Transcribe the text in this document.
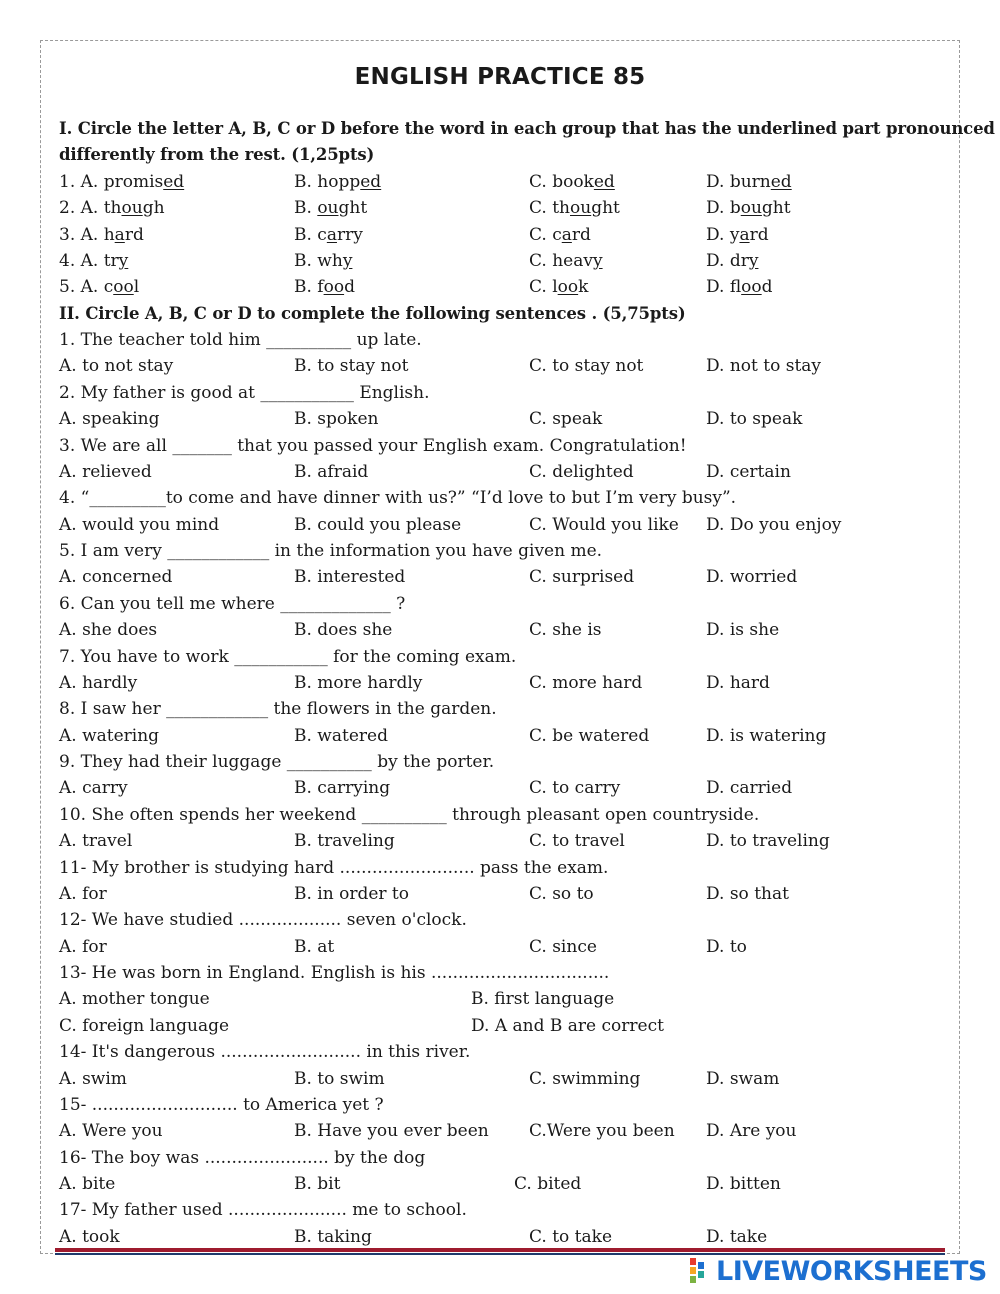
ENGLISH PRACTICE 85
I. Circle the letter A, B, C or D before the word in each group that has the underlined part pronounced
differently from the rest. (1,25pts)
1. A. promised	B. hopped	C. booked	D. burned
2. A. though	B. ought	C. thought	D. bought
3. A. hard	B. carry	C. card	D. yard
4. A. try	B. why	C. heavy	D. dry
5. A. cool	B. food	C. look	D. flood
II. Circle A, B, C or D to complete the following sentences . (5,75pts)
1. The teacher told him __________ up late.
A. to not stay	B. to stay not	C. to stay not	D. not to stay
2. My father is good at ___________ English.
A. speaking	B. spoken	C. speak	D. to speak
3. We are all _______ that you passed your English exam. Congratulation!
A. relieved	B. afraid	C. delighted	D. certain
4. “_________to come and have dinner with us?” “I’d love to but I’m very busy”.
A. would you mind	B. could you please	C. Would you like D. Do you enjoy
5. I am very ____________ in the information you have given me.
A. concerned	B. interested	C. surprised	D. worried
6. Can you tell me where _____________ ?
A. she does	B. does she	C. she is	D. is she
7. You have to work ___________ for the coming exam.
A. hardly	B. more hardly	C. more hard	D. hard
8. I saw her ____________ the flowers in the garden.
A. watering	B. watered	C. be watered	D. is watering
9. They had their luggage __________ by the porter.
A. carry	B. carrying	C. to carry	D. carried
10. She often spends her weekend __________ through pleasant open countryside.
A. travel	B. traveling	C. to travel	D. to traveling
11- My brother is studying hard ......................... pass the exam.
A. for	B. in order to	C. so to	D. so that
12- We have studied ................... seven o'clock.
A. for	B. at	C. since	D. to
13- He was born in England. English is his .................................
A. mother tongue	B. first language
C. foreign language	D. A and B are correct
14- It's dangerous .......................... in this river.
A. swim	B. to swim	C. swimming	D. swam
15- ........................... to America yet ?
A. Were you	B. Have you ever been C.Were you been D. Are you
16- The boy was ....................... by the dog
A. bite	B. bit	C. bited	D. bitten
17- My father used ...................... me to school.
A. took	B. taking	C. to take	D. take
LIVEWORKSHEETS
